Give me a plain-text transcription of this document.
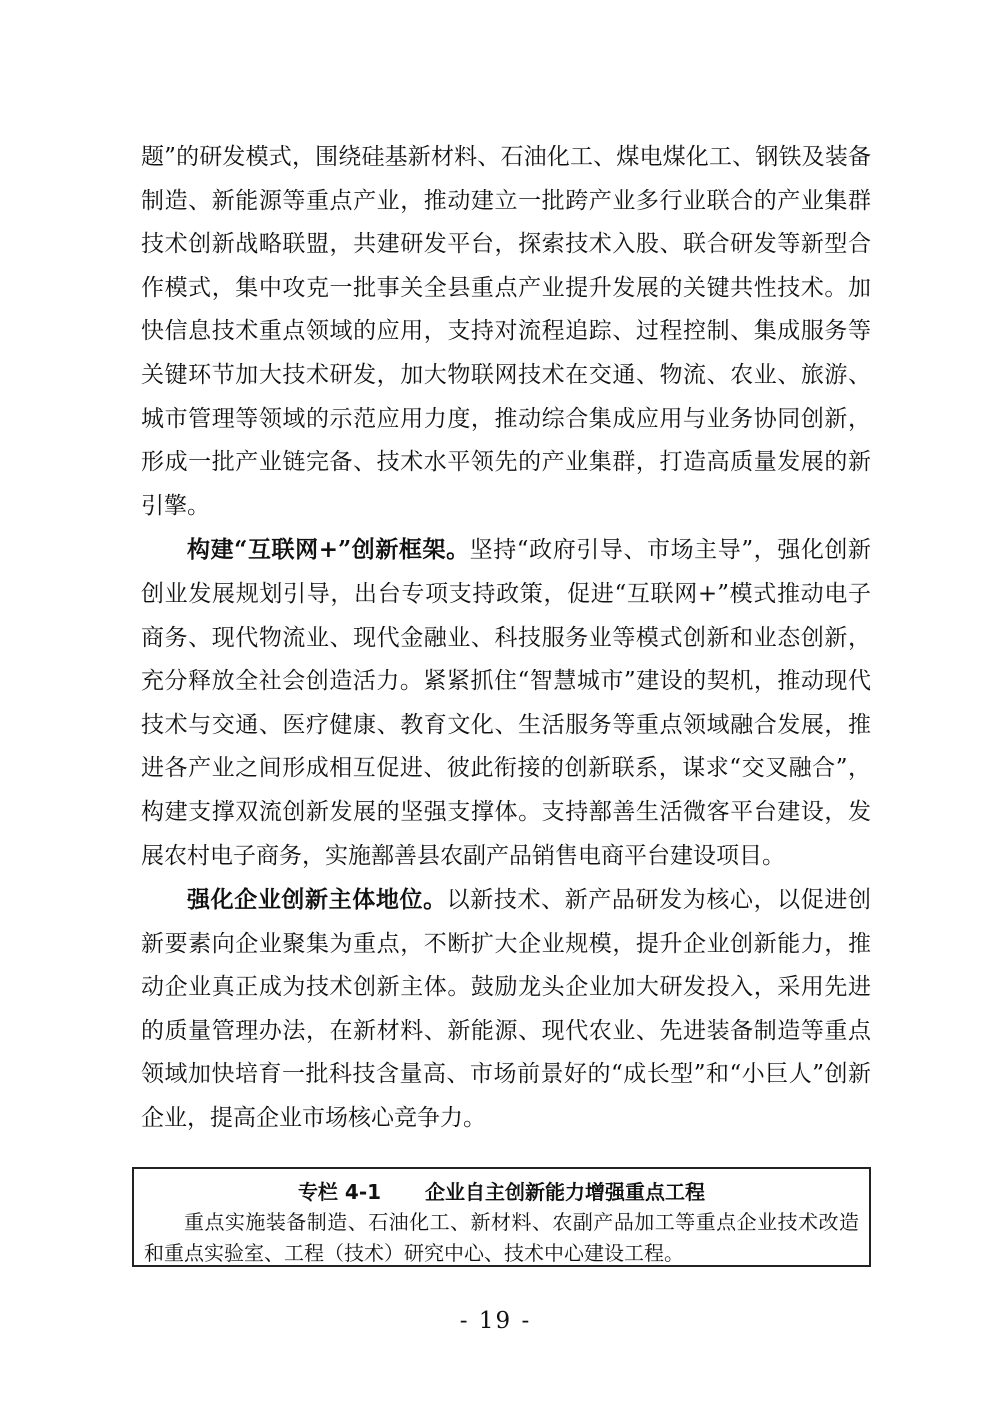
题”的研发模式，围绕硅基新材料、石油化工、煤电煤化工、钢铁及装备制造、新能源等重点产业，推动建立一批跨产业多行业联合的产业集群技术创新战略联盟，共建研发平台，探索技术入股、联合研发等新型合作模式，集中攻克一批事关全县重点产业提升发展的关键共性技术。加快信息技术重点领域的应用，支持对流程追踪、过程控制、集成服务等关键环节加大技术研发，加大物联网技术在交通、物流、农业、旅游、城市管理等领域的示范应用力度，推动综合集成应用与业务协同创新，形成一批产业链完备、技术水平领先的产业集群，打造高质量发展的新引擎。

构建“互联网+”创新框架。坚持“政府引导、市场主导”，强化创新创业发展规划引导，出台专项支持政策，促进“互联网+”模式推动电子商务、现代物流业、现代金融业、科技服务业等模式创新和业态创新，充分释放全社会创造活力。紧紧抓住“智慧城市”建设的契机，推动现代技术与交通、医疗健康、教育文化、生活服务等重点领域融合发展，推进各产业之间形成相互促进、彼此衔接的创新联系，谋求“交叉融合”，构建支撑双流创新发展的坚强支撑体。支持鄯善生活微客平台建设，发展农村电子商务，实施鄯善县农副产品销售电商平台建设项目。

强化企业创新主体地位。以新技术、新产品研发为核心，以促进创新要素向企业聚集为重点，不断扩大企业规模，提升企业创新能力，推动企业真正成为技术创新主体。鼓励龙头企业加大研发投入，采用先进的质量管理办法，在新材料、新能源、现代农业、先进装备制造等重点领域加快培育一批科技含量高、市场前景好的“成长型”和“小巨人”创新企业，提高企业市场核心竞争力。

专栏 4-1 企业自主创新能力增强重点工程

重点实施装备制造、石油化工、新材料、农副产品加工等重点企业技术改造和重点实验室、工程（技术）研究中心、技术中心建设工程。

- 19 -
